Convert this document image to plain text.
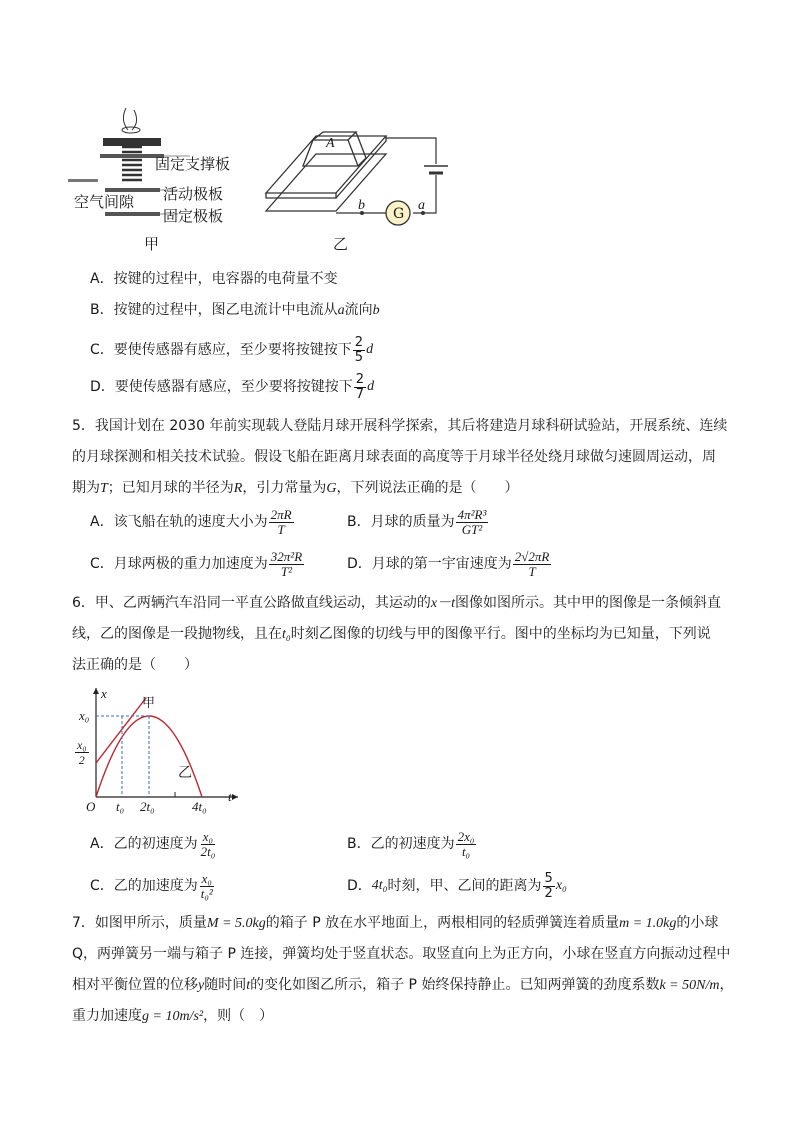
固定支撑板
空气间隙 活动极板
固定极板
甲
A
b	a
G
乙
A．按键的过程中，电容器的电荷量不变
B．按键的过程中，图乙电流计中电流从a流向b
C．要使传感器有感应，至少要将按键按下 $\frac{2}{5}$ d
D．要使传感器有感应，至少要将按键按下 $\frac{2}{7}$ d
5．我国计划在 2030 年前实现载人登陆月球开展科学探索，其后将建造月球科研试验站，开展系统、连续
的月球探测和相关技术试验。假设飞船在距离月球表面的高度等于月球半径处绕月球做匀速圆周运动，周
期为T；已知月球的半径为R，引力常量为G，下列说法正确的是（　　）
A．该飞船在轨的速度大小为 $\frac{2\pi R}{T}$	B．月球的质量为 $\frac{\text{4π²R³}}{\text{GT²}}$
C．月球两极的重力加速度为 $\frac{\text{32π²R}}{\text{T²}}$	D．月球的第一宇宙速度为 $\frac{2√2\pi R}{T}$
6．甲、乙两辆汽车沿同一平直公路做直线运动，其运动的x－t图像如图所示。其中甲的图像是一条倾斜直
线，乙的图像是一段抛物线，且在t₀时刻乙图像的切线与甲的图像平行。图中的坐标均为已知量，下列说
法正确的是（　　）
x
t
O
甲
乙
x₀
$\frac{\text{x₀}}{2}$
t₀ 2t₀	4t₀
A．乙的初速度为 $\frac{\text{x₀}}{\text{2t₀}}$	B．乙的初速度为 $\frac{\text{2x₀}}{\text{t₀}}$
C．乙的加速度为 $\frac{\text{x₀}}{\text{t₀²}}$	D． 4t₀ 时刻，甲、乙间的距离为 $\frac{5}{2} x_0$
7．如图甲所示，质量M = 5.0kg的箱子 P 放在水平地面上，两根相同的轻质弹簧连着质量m = 1.0kg的小球
Q，两弹簧另一端与箱子 P 连接，弹簧均处于竖直状态。取竖直向上为正方向，小球在竖直方向振动过程中
相对平衡位置的位移y随时间t的变化如图乙所示，箱子 P 始终保持静止。已知两弹簧的劲度系数k = 50N/m，
重力加速度g = 10m/s²，则（　）
